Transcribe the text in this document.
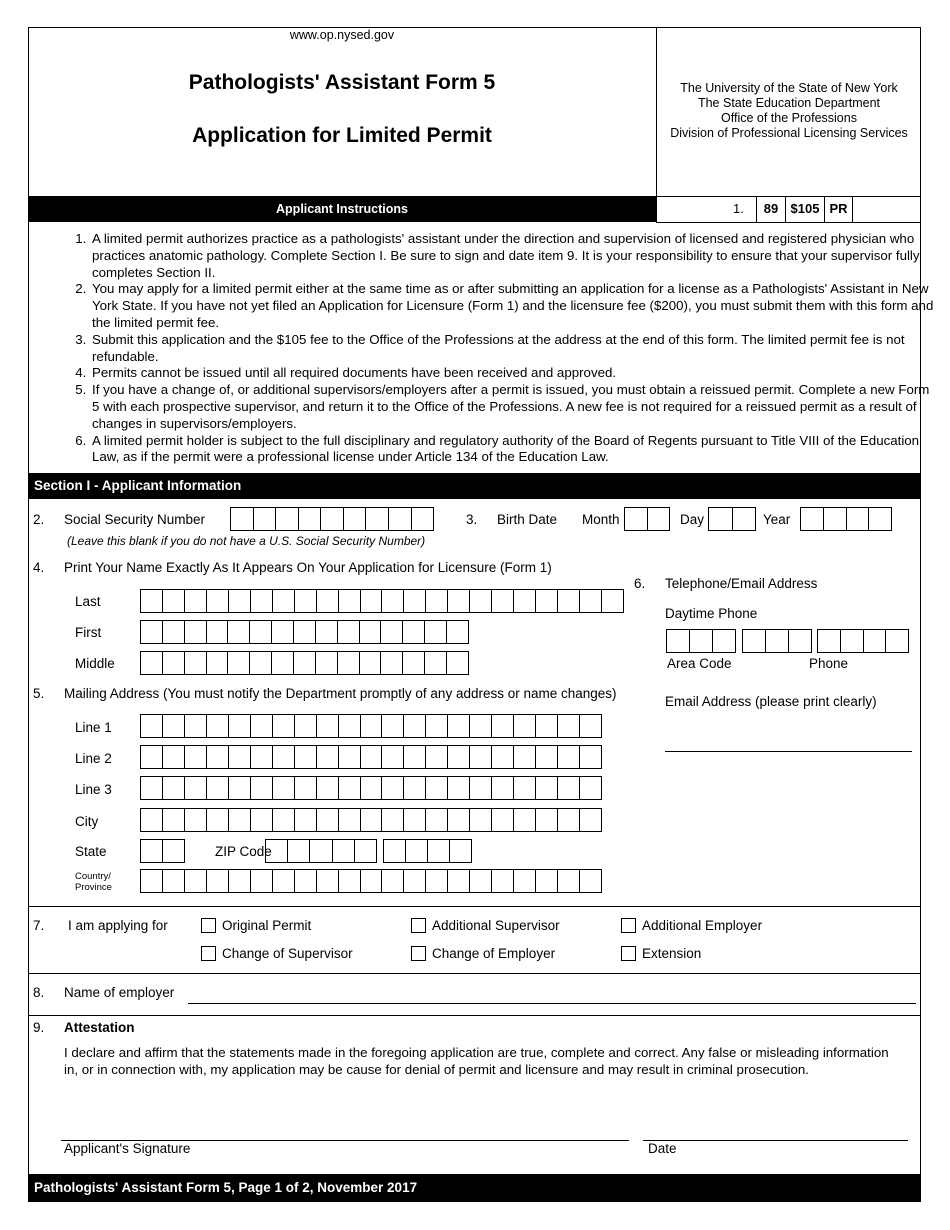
www.op.nysed.gov
Pathologists' Assistant Form 5
Application for Limited Permit
The University of the State of New York
The State Education Department
Office of the Professions
Division of Professional Licensing Services
Applicant Instructions	1.	89 $105 PR
1. A limited permit authorizes practice as a pathologists' assistant under the direction and supervision of licensed and registered physician who practices anatomic pathology. Complete Section I. Be sure to sign and date item 9. It is your responsibility to ensure that your supervisor fully completes Section II.
2. You may apply for a limited permit either at the same time as or after submitting an application for a license as a Pathologists' Assistant in New York State. If you have not yet filed an Application for Licensure (Form 1) and the licensure fee ($200), you must submit them with this form and the limited permit fee.
3. Submit this application and the $105 fee to the Office of the Professions at the address at the end of this form. The limited permit fee is not refundable.
4. Permits cannot be issued until all required documents have been received and approved.
5. If you have a change of, or additional supervisors/employers after a permit is issued, you must obtain a reissued permit. Complete a new Form 5 with each prospective supervisor, and return it to the Office of the Professions. A new fee is not required for a reissued permit as a result of changes in supervisors/employers.
6. A limited permit holder is subject to the full disciplinary and regulatory authority of the Board of Regents pursuant to Title VIII of the Education Law, as if the permit were a professional license under Article 134 of the Education Law.
Section I - Applicant Information
2. Social Security Number
(Leave this blank if you do not have a U.S. Social Security Number)
3. Birth Date Month	Day	Year
4. Print Your Name Exactly As It Appears On Your Application for Licensure (Form 1)
Last
First
Middle
6. Telephone/Email Address
Daytime Phone
Area Code	Phone
Email Address (please print clearly)
5. Mailing Address (You must notify the Department promptly of any address or name changes)
Line 1
Line 2
Line 3
City
State	ZIP Code
Country/
Province
7. I am applying for	Original Permit	Additional Supervisor	Additional Employer
Change of Supervisor	Change of Employer	Extension
8. Name of employer
9. Attestation
I declare and affirm that the statements made in the foregoing application are true, complete and correct. Any false or misleading information in, or in connection with, my application may be cause for denial of permit and licensure and may result in criminal prosecution.
Applicant's Signature	Date
Pathologists' Assistant Form 5, Page 1 of 2, November 2017
